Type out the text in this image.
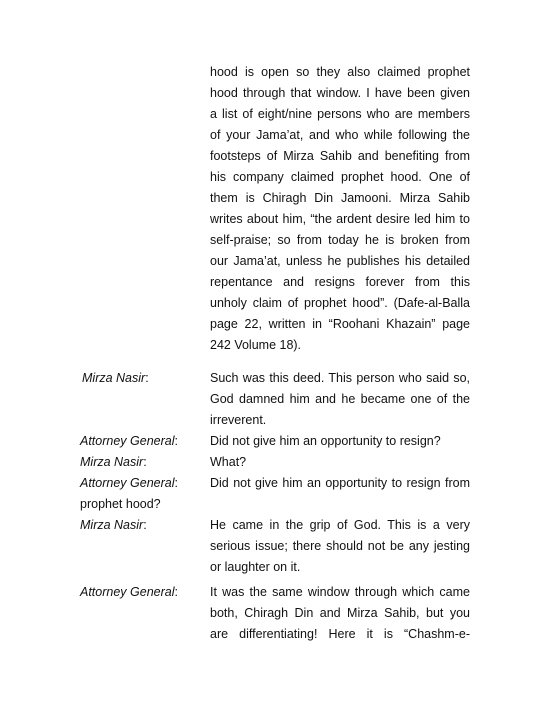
hood is open so they also claimed prophet
hood through that window. I have been given
a list of eight/nine persons who are members
of your Jama’at, and who while following the
footsteps of Mirza Sahib and benefiting from
his company claimed prophet hood. One of
them is Chiragh Din Jamooni. Mirza Sahib
writes about him, “the ardent desire led him to
self-praise; so from today he is broken from
our Jama’at, unless he publishes his detailed
repentance and resigns forever from this
unholy claim of prophet hood”. (Dafe-al-Balla
page 22, written in “Roohani Khazain” page
242 Volume 18).
Mirza Nasir:	Such was this deed. This person who said so,
God damned him and he became one of the
irreverent.
Attorney General:	Did not give him an opportunity to resign?
Mirza Nasir:	What?
Attorney General:	Did not give him an opportunity to resign from
prophet hood?
Mirza Nasir:	He came in the grip of God. This is a very
serious issue; there should not be any jesting
or laughter on it.
Attorney General:	It was the same window through which came
both, Chiragh Din and Mirza Sahib, but you
are differentiating! Here it is “Chashm-e-
